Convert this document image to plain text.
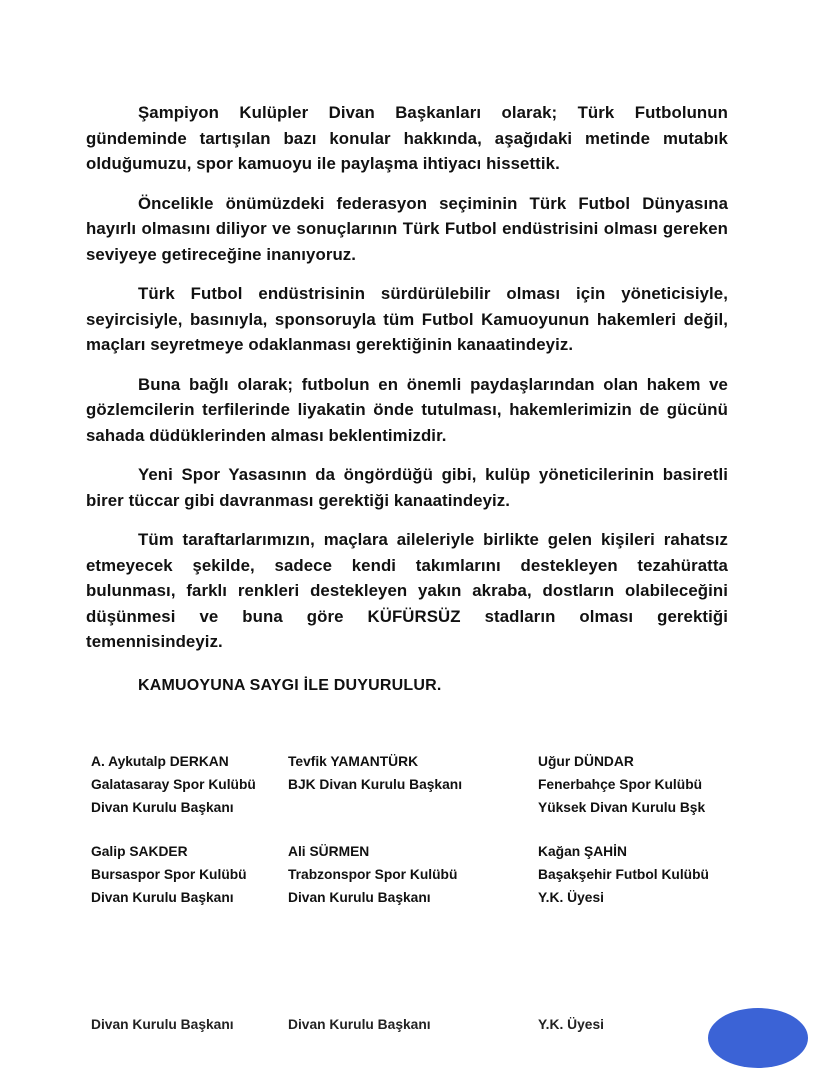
Şampiyon Kulüpler Divan Başkanları olarak; Türk Futbolunun gündeminde tartışılan bazı konular hakkında, aşağıdaki metinde mutabık olduğumuzu, spor kamuoyu ile paylaşma ihtiyacı hissettik.

Öncelikle önümüzdeki federasyon seçiminin Türk Futbol Dünyasına hayırlı olmasını diliyor ve sonuçlarının Türk Futbol endüstrisini olması gereken seviyeye getireceğine inanıyoruz.

Türk Futbol endüstrisinin sürdürülebilir olması için yöneticisiyle, seyircisiyle, basınıyla, sponsoruyla tüm Futbol Kamuoyunun hakemleri değil, maçları seyretmeye odaklanması gerektiğinin kanaatindeyiz.

Buna bağlı olarak; futbolun en önemli paydaşlarından olan hakem ve gözlemcilerin terfilerinde liyakatin önde tutulması, hakemlerimizin de gücünü sahada düdüklerinden alması beklentimizdir.

Yeni Spor Yasasının da öngördüğü gibi, kulüp yöneticilerinin basiretli birer tüccar gibi davranması gerektiği kanaatindeyiz.

Tüm taraftarlarımızın, maçlara aileleriyle birlikte gelen kişileri rahatsız etmeyecek şekilde, sadece kendi takımlarını destekleyen tezahüratta bulunması, farklı renkleri destekleyen yakın akraba, dostların olabileceğini düşünmesi ve buna göre KÜFÜRSÜZ stadların olması gerektiği temennisindeyiz.

KAMUOYUNA SAYGI İLE DUYURULUR.
A. Aykutalp DERKAN
Galatasaray Spor Kulübü
Divan Kurulu Başkanı
Tevfik YAMANTÜRK
BJK Divan Kurulu Başkanı
Uğur DÜNDAR
Fenerbahçe Spor Kulübü
Yüksek Divan Kurulu Bşk
Galip SAKDER
Bursaspor Spor Kulübü
Divan Kurulu Başkanı
Ali SÜRMEN
Trabzonspor Spor Kulübü
Divan Kurulu Başkanı
Kağan ŞAHİN
Başakşehir Futbol Kulübü
Y.K. Üyesi
Divan Kurulu Başkanı	Divan Kurulu Başkanı	Y.K. Üyesi
